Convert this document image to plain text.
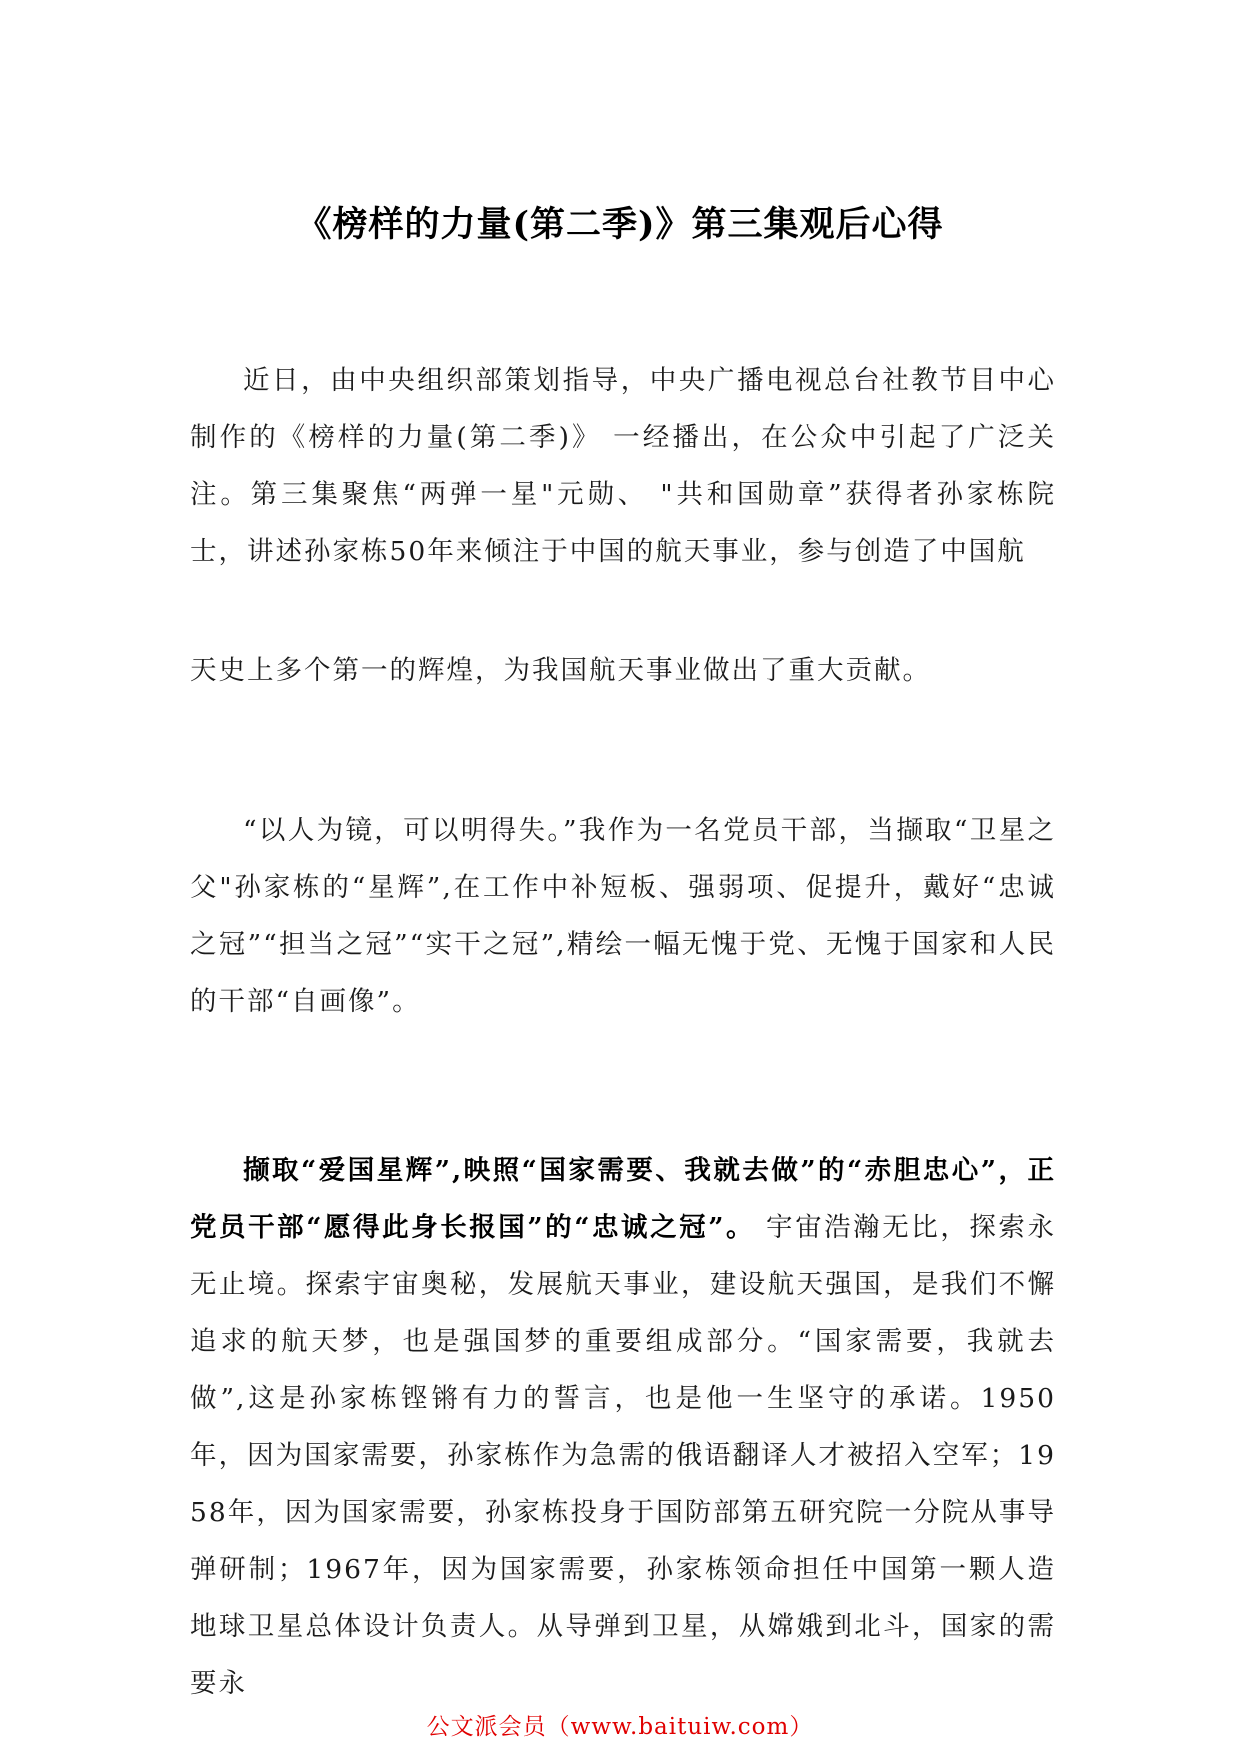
《榜样的力量(第二季)》第三集观后心得

近日，由中央组织部策划指导，中央广播电视总台社教节目中心制作的《榜样的力量(第二季)》 一经播出，在公众中引起了广泛关注。第三集聚焦“两弹一星"元勋、 "共和国勋章”获得者孙家栋院士，讲述孙家栋50年来倾注于中国的航天事业，参与创造了中国航

天史上多个第一的辉煌，为我国航天事业做出了重大贡献。

“以人为镜，可以明得失。”我作为一名党员干部，当撷取“卫星之父"孙家栋的“星辉”,在工作中补短板、强弱项、促提升，戴好“忠诚之冠”“担当之冠”“实干之冠”,精绘一幅无愧于党、无愧于国家和人民的干部“自画像”。

撷取“爱国星辉”,映照“国家需要、我就去做”的“赤胆忠心”，正党员干部“愿得此身长报国”的“忠诚之冠”。 宇宙浩瀚无比，探索永无止境。探索宇宙奥秘，发展航天事业，建设航天强国，是我们不懈追求的航天梦，也是强国梦的重要组成部分。“国家需要，我就去做”,这是孙家栋铿锵有力的誓言，也是他一生坚守的承诺。1950年，因为国家需要，孙家栋作为急需的俄语翻译人才被招入空军；1958年，因为国家需要，孙家栋投身于国防部第五研究院一分院从事导弹研制；1967年，因为国家需要，孙家栋领命担任中国第一颗人造地球卫星总体设计负责人。从导弹到卫星，从嫦娥到北斗，国家的需要永

公文派会员（www.baituiw.com）
